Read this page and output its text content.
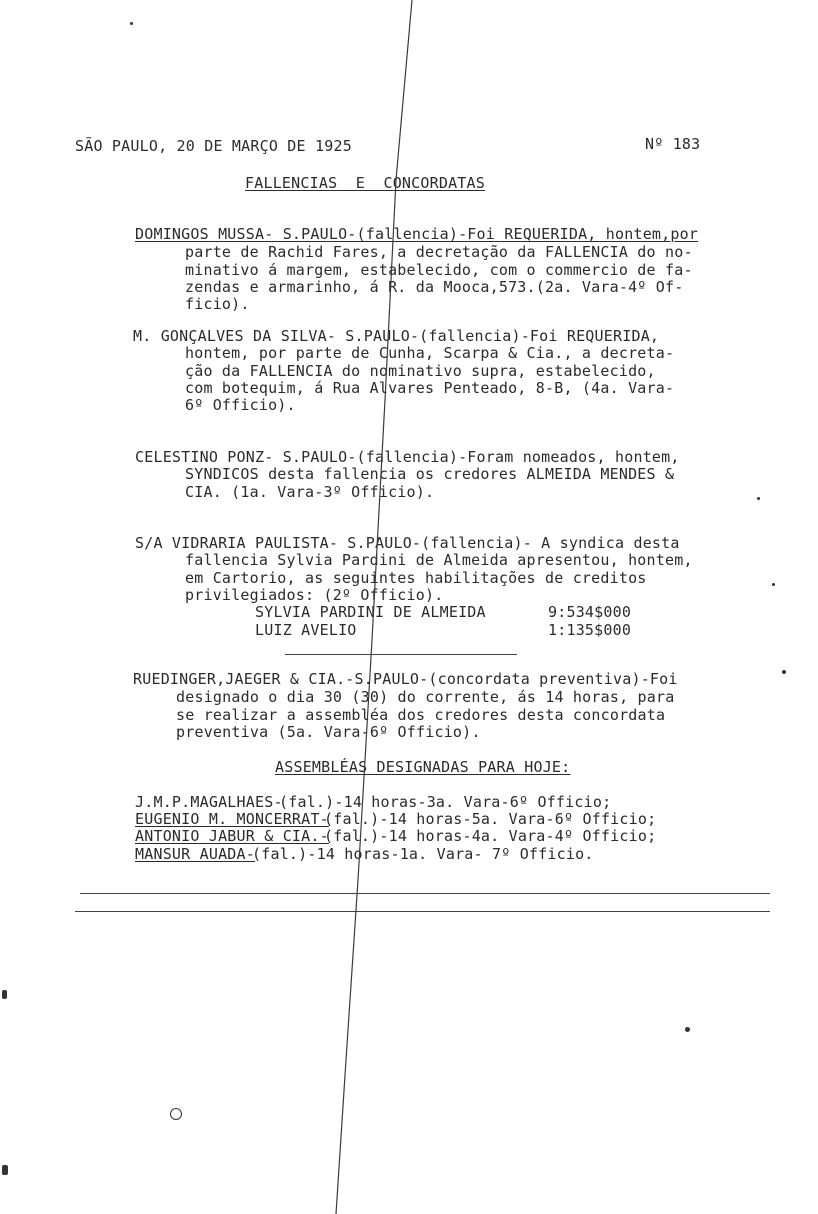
SÃO PAULO, 20 DE MARÇO DE 1925	Nº 183
FALLENCIAS  E  CONCORDATAS
DOMINGOS MUSSA- S.PAULO-(fallencia)-Foi REQUERIDA, hontem,por
parte de Rachid Fares, a decretação da FALLENCIA do no-
minativo á margem, estabelecido, com o commercio de fa-
zendas e armarinho, á R. da Mooca,573.(2a. Vara-4º Of-
ficio).
M. GONÇALVES DA SILVA- S.PAULO-(fallencia)-Foi REQUERIDA,
hontem, por parte de Cunha, Scarpa & Cia., a decreta-
ção da FALLENCIA do nominativo supra, estabelecido,
com botequim, á Rua Alvares Penteado, 8-B, (4a. Vara-
6º Officio).
CELESTINO PONZ- S.PAULO-(fallencia)-Foram nomeados, hontem,
SYNDICOS desta fallencia os credores ALMEIDA MENDES &
CIA. (1a. Vara-3º Officio).
S/A VIDRARIA PAULISTA- S.PAULO-(fallencia)- A syndica desta
fallencia Sylvia Pardini de Almeida apresentou, hontem,
em Cartorio, as seguintes habilitações de creditos
privilegiados: (2º Officio).
SYLVIA PARDINI DE ALMEIDA	9:534$000
LUIZ AVELIO	1:135$000
RUEDINGER,JAEGER & CIA.-S.PAULO-(concordata preventiva)-Foi
designado o dia 30 (30) do corrente, ás 14 horas, para
se realizar a assembléa dos credores desta concordata
preventiva (5a. Vara-6º Officio).
ASSEMBLÉAS DESIGNADAS PARA HOJE:
J.M.P.MAGALHAES-
(fal.)-14 horas-3a. Vara-6º Officio;
EUGENIO M. MONCERRAT-
(fal.)-14 horas-5a. Vara-6º Officio;
ANTONIO JABUR & CIA.-
(fal.)-14 horas-4a. Vara-4º Officio;
MANSUR AUADA-
(fal.)-14 horas-1a. Vara- 7º Officio.
